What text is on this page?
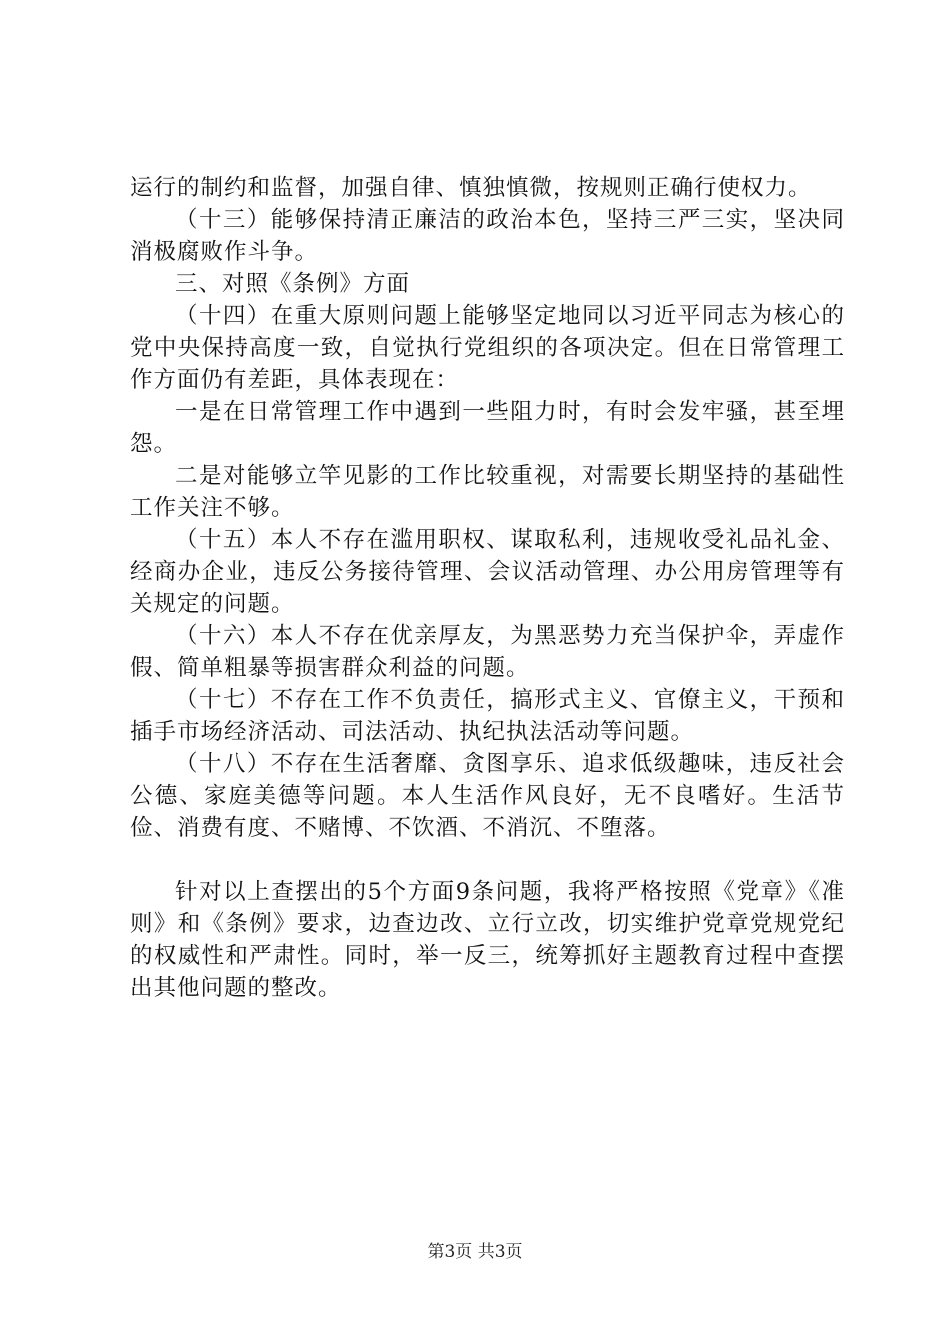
运行的制约和监督，加强自律、慎独慎微，按规则正确行使权力。

（十三）能够保持清正廉洁的政治本色，坚持三严三实，坚决同消极腐败作斗争。

三、对照《条例》方面

（十四）在重大原则问题上能够坚定地同以习近平同志为核心的党中央保持高度一致，自觉执行党组织的各项决定。但在日常管理工作方面仍有差距，具体表现在：

一是在日常管理工作中遇到一些阻力时，有时会发牢骚，甚至埋怨。

二是对能够立竿见影的工作比较重视，对需要长期坚持的基础性工作关注不够。

（十五）本人不存在滥用职权、谋取私利，违规收受礼品礼金、经商办企业，违反公务接待管理、会议活动管理、办公用房管理等有关规定的问题。

（十六）本人不存在优亲厚友，为黑恶势力充当保护伞，弄虚作假、简单粗暴等损害群众利益的问题。

（十七）不存在工作不负责任，搞形式主义、官僚主义，干预和插手市场经济活动、司法活动、执纪执法活动等问题。

（十八）不存在生活奢靡、贪图享乐、追求低级趣味，违反社会公德、家庭美德等问题。本人生活作风良好，无不良嗜好。生活节俭、消费有度、不赌博、不饮酒、不消沉、不堕落。

针对以上查摆出的5个方面9条问题，我将严格按照《党章》《准则》和《条例》要求，边查边改、立行立改，切实维护党章党规党纪的权威性和严肃性。同时，举一反三，统筹抓好主题教育过程中查摆出其他问题的整改。

第3页 共3页
